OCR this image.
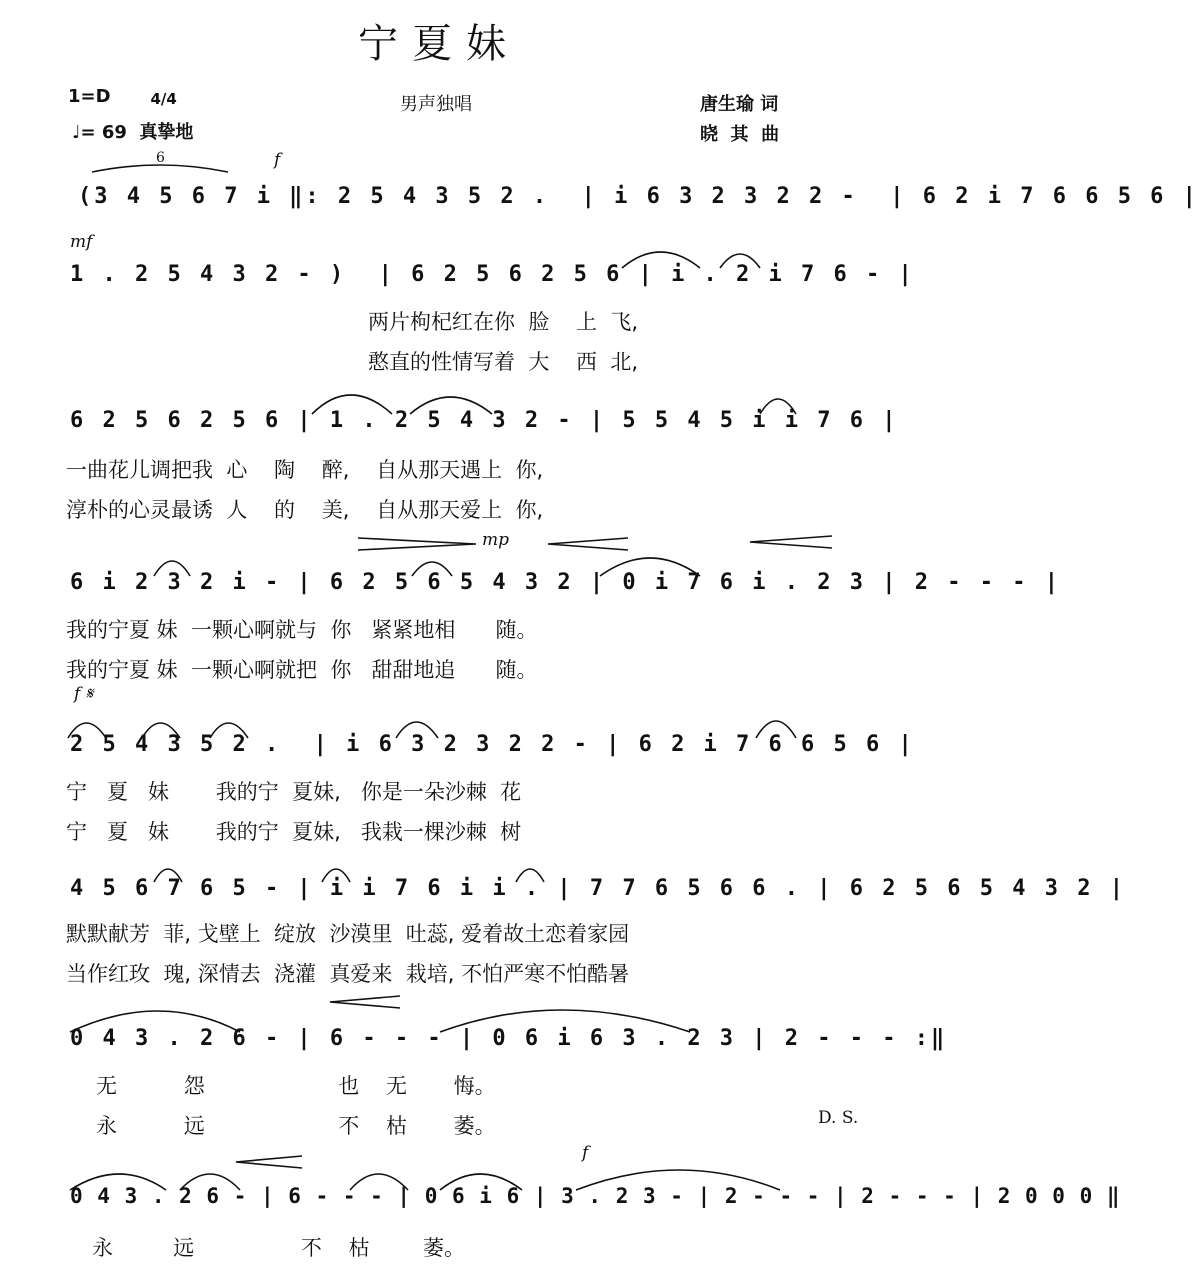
宁夏妹
1=D	4/4

♩= 69  真挚地
男声独唱	唐生瑜 词
晓  其  曲
6	f
mf
mp
f 𝄋
D. S.
f
(3 4 5 6 7 i ‖: 2 5 4 3 5 2 .  | i 6 3 2 3 2 2 -  | 6 2 i 7 6 6 5 6 |
1 . 2 5 4 3 2 - )  | 6 2 5 6 2 5 6 | i . 2 i 7 6 - |
两片枸杞红在你  脸    上  飞,
憨直的性情写着  大    西  北,
6 2 5 6 2 5 6 | 1 . 2 5 4 3 2 - | 5 5 4 5 i i 7 6 |
一曲花儿调把我  心    陶    醉,    自从那天遇上  你,
淳朴的心灵最诱  人    的    美,    自从那天爱上  你,
6 i 2 3 2 i - | 6 2 5 6 5 4 3 2 | 0 i 7 6 i . 2 3 | 2 - - - |
我的宁夏 妹  一颗心啊就与  你   紧紧地相      随。
我的宁夏 妹  一颗心啊就把  你   甜甜地追      随。
2 5 4 3 5 2 .  | i 6 3 2 3 2 2 - | 6 2 i 7 6 6 5 6 |
宁   夏   妹       我的宁  夏妹,   你是一朵沙棘  花
宁   夏   妹       我的宁  夏妹,   我栽一棵沙棘  树
4 5 6 7 6 5 - | i i 7 6 i i . | 7 7 6 5 6 6 . | 6 2 5 6 5 4 3 2 |
默默献芳  菲, 戈壁上  绽放  沙漠里  吐蕊, 爱着故土恋着家园
当作红玫  瑰, 深情去  浇灌  真爱来  栽培, 不怕严寒不怕酷暑
0 4 3 . 2 6 - | 6 - - - | 0 6 i 6 3 . 2 3 | 2 - - - :‖
无          怨                    也    无       悔。
永          远                    不    枯       萎。
0 4 3 . 2 6 - | 6 - - - | 0 6 i 6 | 3 . 2 3 - | 2 - - - | 2 - - - | 2 0 0 0 ‖
永         远                不    枯        萎。
